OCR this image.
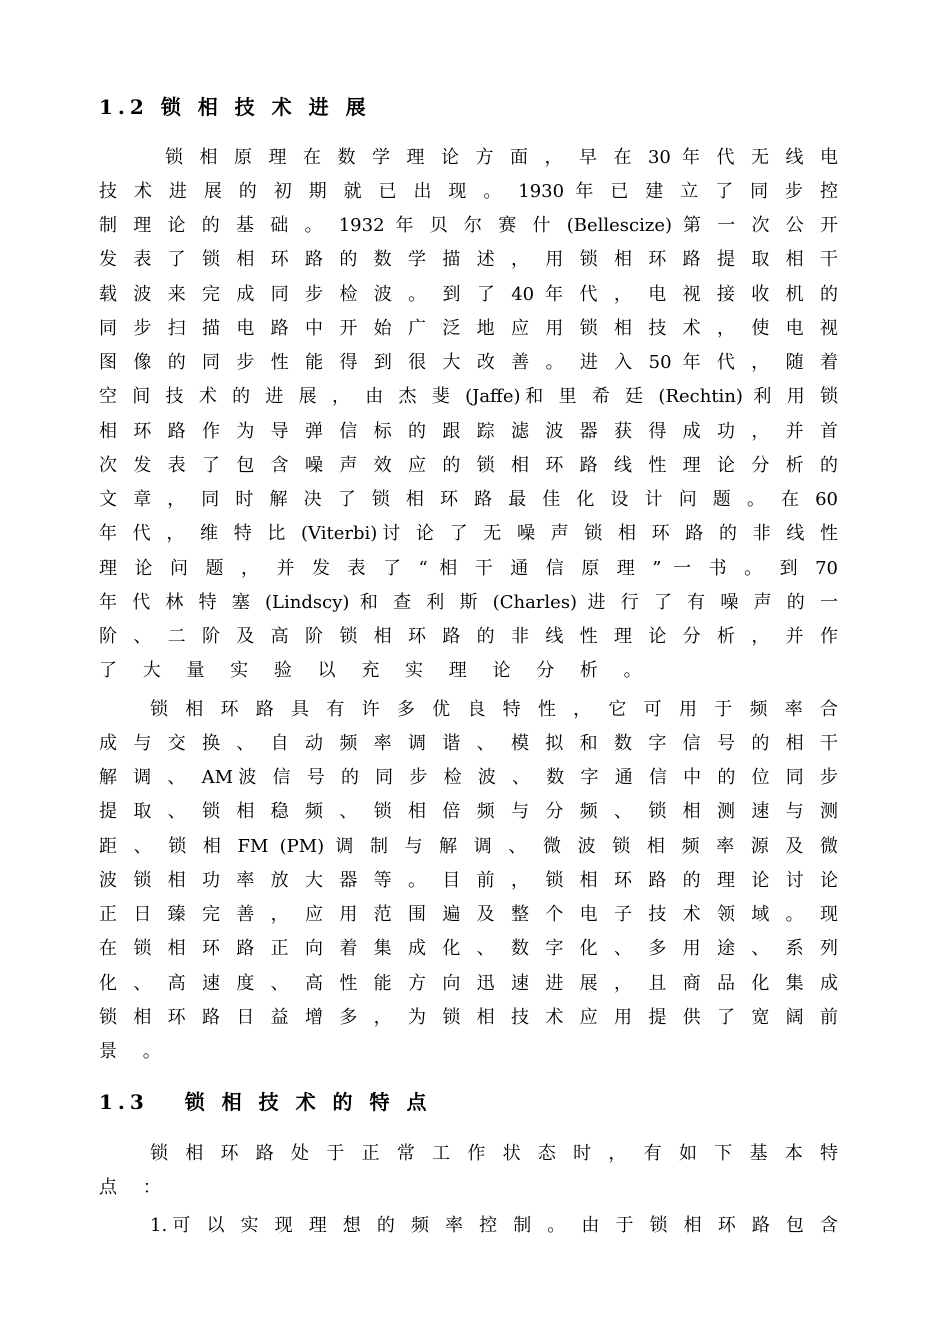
1.2 锁 相 技 术 进 展

锁 相 原 理 在 数 学 理 论 方 面 ， 早 在 30 年 代 无 线 电

技 术 进 展 的 初 期 就 已 出 现 。 1930 年 已 建 立 了 同 步 控

制 理 论 的 基 础 。 1932 年 贝 尔 赛 什 (Bellescize) 第 一 次 公 开

发 表 了 锁 相 环 路 的 数 学 描 述 ， 用 锁 相 环 路 提 取 相 干

载 波 来 完 成 同 步 检 波 。 到 了 40 年 代 ， 电 视 接 收 机 的

同 步 扫 描 电 路 中 开 始 广 泛 地 应 用 锁 相 技 术 ， 使 电 视

图 像 的 同 步 性 能 得 到 很 大 改 善 。 进 入 50 年 代 ， 随 着

空 间 技 术 的 进 展 ， 由 杰 斐 (Jaffe)和 里 希 廷 (Rechtin) 利 用 锁

相 环 路 作 为 导 弹 信 标 的 跟 踪 滤 波 器 获 得 成 功 ， 并 首

次 发 表 了 包 含 噪 声 效 应 的 锁 相 环 路 线 性 理 论 分 析 的

文 章 ， 同 时 解 决 了 锁 相 环 路 最 佳 化 设 计 问 题 。 在 60

年 代 ， 维 特 比 (Viterbi)讨 论 了 无 噪 声 锁 相 环 路 的 非 线 性

理 论 问 题 ， 并 发 表 了 “ 相 干 通 信 原 理 ” 一 书 。 到 70

年 代 林 特 塞 (Lindscy) 和 查 利 斯 (Charles) 进 行 了 有 噪 声 的 一

阶 、 二 阶 及 高 阶 锁 相 环 路 的 非 线 性 理 论 分 析 ， 并 作

了 大 量 实 验 以 充 实 理 论 分 析 。

锁 相 环 路 具 有 许 多 优 良 特 性 ， 它 可 用 于 频 率 合

成 与 交 换 、 自 动 频 率 调 谐 、 模 拟 和 数 字 信 号 的 相 干

解 调 、 AM波 信 号 的 同 步 检 波 、 数 字 通 信 中 的 位 同 步

提 取 、 锁 相 稳 频 、 锁 相 倍 频 与 分 频 、 锁 相 测 速 与 测

距 、 锁 相 FM (PM) 调 制 与 解 调 、 微 波 锁 相 频 率 源 及 微

波 锁 相 功 率 放 大 器 等 。 目 前 ， 锁 相 环 路 的 理 论 讨 论

正 日 臻 完 善 ， 应 用 范 围 遍 及 整 个 电 子 技 术 领 域 。 现

在 锁 相 环 路 正 向 着 集 成 化 、 数 字 化 、 多 用 途 、 系 列

化 、 高 速 度 、 高 性 能 方 向 迅 速 进 展 ， 且 商 品 化 集 成

锁 相 环 路 日 益 增 多 ， 为 锁 相 技 术 应 用 提 供 了 宽 阔 前

景 。

1.3   锁 相 技 术 的 特 点

锁 相 环 路 处 于 正 常 工 作 状 态 时 ， 有 如 下 基 本 特

点 ：

1.可 以 实 现 理 想 的 频 率 控 制 。 由 于 锁 相 环 路 包 含
